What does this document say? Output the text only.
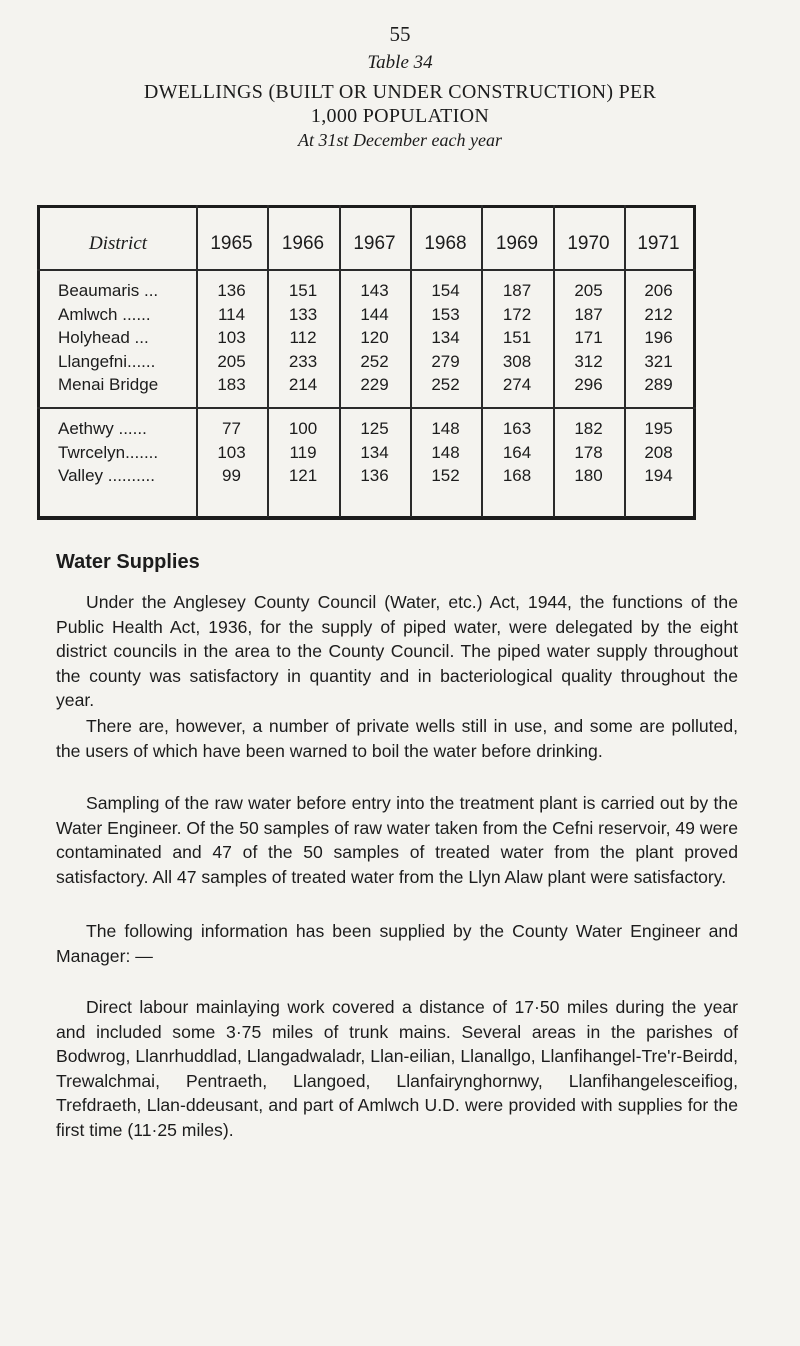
55
Table 34
DWELLINGS (BUILT OR UNDER CONSTRUCTION) PER
1,000 POPULATION
At 31st December each year
District	1965	1966	1967	1968	1969	1970	1971
Beaumaris ...	136	151	143	154	187	205	206
Amlwch ......	114	133	144	153	172	187	212
Holyhead ...	103	112	120	134	151	171	196
Llangefni......	205	233	252	279	308	312	321
Menai Bridge	183	214	229	252	274	296	289
Aethwy ......	77	100	125	148	163	182	195
Twrcelyn.......	103	119	134	148	164	178	208
Valley ..........	99	121	136	152	168	180	194
Water Supplies

Under the Anglesey County Council (Water, etc.) Act, 1944, the functions of the Public Health Act, 1936, for the supply of piped water, were delegated by the eight district councils in the area to the County Council. The piped water supply throughout the county was satisfactory in quantity and in bacteriological quality throughout the year.

There are, however, a number of private wells still in use, and some are polluted, the users of which have been warned to boil the water before drinking.

Sampling of the raw water before entry into the treatment plant is carried out by the Water Engineer. Of the 50 samples of raw water taken from the Cefni reservoir, 49 were contaminated and 47 of the 50 samples of treated water from the plant proved satisfactory. All 47 samples of treated water from the Llyn Alaw plant were satisfactory.

The following information has been supplied by the County Water Engineer and Manager: —

Direct labour mainlaying work covered a distance of 17·50 miles during the year and included some 3·75 miles of trunk mains. Several areas in the parishes of Bodwrog, Llanrhuddlad, Llangadwaladr, Llan-eilian, Llanallgo, Llanfihangel-Tre'r-Beirdd, Trewalchmai, Pentraeth, Llangoed, Llanfairynghornwy, Llanfihangelesceifiog, Trefdraeth, Llan-ddeusant, and part of Amlwch U.D. were provided with supplies for the first time (11·25 miles).
